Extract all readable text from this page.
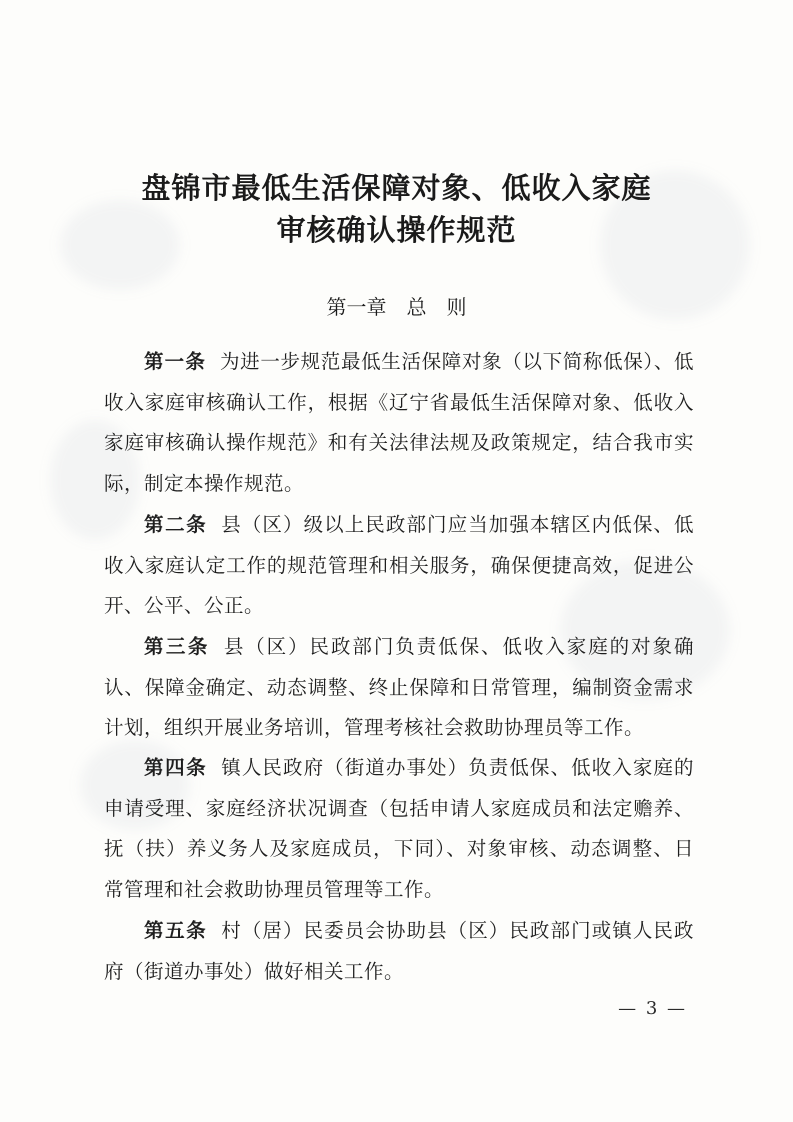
盘锦市最低生活保障对象、低收入家庭
审核确认操作规范
第一章　总　则
第一条 为进一步规范最低生活保障对象（以下简称低保）、低收入家庭审核确认工作，根据《辽宁省最低生活保障对象、低收入家庭审核确认操作规范》和有关法律法规及政策规定，结合我市实际，制定本操作规范。
第二条 县（区）级以上民政部门应当加强本辖区内低保、低收入家庭认定工作的规范管理和相关服务，确保便捷高效，促进公开、公平、公正。
第三条 县（区）民政部门负责低保、低收入家庭的对象确认、保障金确定、动态调整、终止保障和日常管理，编制资金需求计划，组织开展业务培训，管理考核社会救助协理员等工作。
第四条 镇人民政府（街道办事处）负责低保、低收入家庭的申请受理、家庭经济状况调查（包括申请人家庭成员和法定赡养、抚（扶）养义务人及家庭成员，下同）、对象审核、动态调整、日常管理和社会救助协理员管理等工作。
第五条 村（居）民委员会协助县（区）民政部门或镇人民政府（街道办事处）做好相关工作。
— 3 —
